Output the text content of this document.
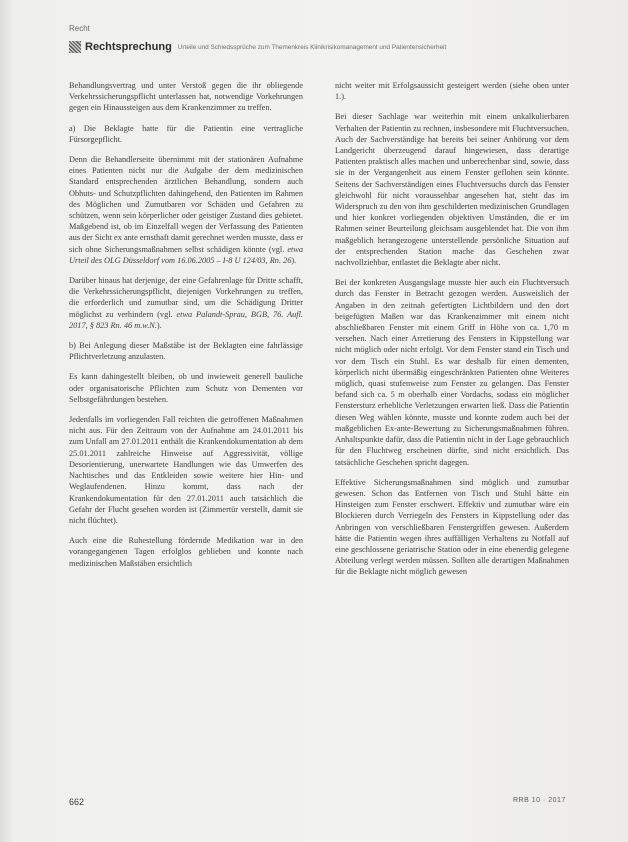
Recht
Rechtsprechung Urteile und Schiedssprüche zum Themenkreis Klinikrisikomanagement und Patientensicherheit

Behandlungsvertrag und unter Verstoß gegen die ihr obliegende Verkehrssicherungspflicht unterlassen hat, notwendige Vorkehrungen gegen ein Hinaussteigen aus dem Krankenzimmer zu treffen.

a) Die Beklagte hatte für die Patientin eine vertragliche Fürsorgepflicht.

Denn die Behandlerseite übernimmt mit der stationären Aufnahme eines Patienten nicht nur die Aufgabe der dem medizinischen Standard entsprechenden ärztlichen Behandlung, sondern auch Obhuts- und Schutzpflichten dahingehend, den Patienten im Rahmen des Möglichen und Zumutbaren vor Schäden und Gefahren zu schützen, wenn sein körperlicher oder geistiger Zustand dies gebietet. Maßgebend ist, ob im Einzelfall wegen der Verfassung des Patienten aus der Sicht ex ante ernsthaft damit gerechnet werden musste, dass er sich ohne Sicherungsmaßnahmen selbst schädigen könnte (vgl. etwa Urteil des OLG Düsseldorf vom 16.06.2005 – I-8 U 124/03, Rn. 26).

Darüber hinaus hat derjenige, der eine Gefahrenlage für Dritte schafft, die Verkehrssicherungspflicht, diejenigen Vorkehrungen zu treffen, die erforderlich und zumutbar sind, um die Schädigung Dritter möglichst zu verhindern (vgl. etwa Palandt-Sprau, BGB, 76. Aufl. 2017, § 823 Rn. 46 m.w.N.).

b) Bei Anlegung dieser Maßstäbe ist der Beklagten eine fahrlässige Pflichtverletzung anzulasten.

Es kann dahingestellt bleiben, ob und inwieweit generell bauliche oder organisatorische Pflichten zum Schutz von Dementen vor Selbstgefährdungen bestehen.

Jedenfalls im vorliegenden Fall reichten die getroffenen Maßnahmen nicht aus. Für den Zeitraum von der Aufnahme am 24.01.2011 bis zum Unfall am 27.01.2011 enthält die Krankendokumentation ab dem 25.01.2011 zahlreiche Hinweise auf Aggressivität, völlige Desorientierung, unerwartete Handlungen wie das Umwerfen des Nachtisches und das Entkleiden sowie weitere hier Hin- und Weglaufendenen. Hinzu kommt, dass nach der Krankendokumentation für den 27.01.2011 auch tatsächlich die Gefahr der Flucht gesehen worden ist (Zimmertür verstellt, damit sie nicht flüchtet).

Auch eine die Ruhestellung fördernde Medikation war in den vorangegangenen Tagen erfolglos geblieben und konnte nach medizinischen Maßstäben ersichtlich

nicht weiter mit Erfolgsaussicht gesteigert werden (siehe oben unter 1.).

Bei dieser Sachlage war weiterhin mit einem unkalkulierbaren Verhalten der Patientin zu rechnen, insbesondere mit Fluchtversuchen. Auch der Sachverständige hat bereits bei seiner Anhörung vor dem Landgericht überzeugend darauf hingewiesen, dass derartige Patienten praktisch alles machen und unberechenbar sind, sowie, dass sie in der Vergangenheit aus einem Fenster geflohen sein könnte. Seitens der Sachverständigen eines Fluchtversuchs durch das Fenster gleichwohl für nicht voraussehbar angesehen hat, steht das im Widerspruch zu den von ihm geschilderten medizinischen Grundlagen und hier konkret vorliegenden objektiven Umständen, die er im Rahmen seiner Beurteilung gleichsam ausgeblendet hat. Die von ihm maßgeblich herangezogene unterstellende persönliche Situation auf der entsprechenden Station mache das Geschehen zwar nachvollziehbar, entlastet die Beklagte aber nicht.

Bei der konkreten Ausgangslage musste hier auch ein Fluchtversuch durch das Fenster in Betracht gezogen werden. Ausweislich der Angaben in den zeitnah gefertigten Lichtbildern und den dort beigefügten Maßen war das Krankenzimmer mit einem nicht abschließbaren Fenster mit einem Griff in Höhe von ca. 1,70 m versehen. Nach einer Arretierung des Fensters in Kippstellung war nicht möglich oder nicht erfolgt. Vor dem Fenster stand ein Tisch und vor dem Tisch ein Stuhl. Es war deshalb für einen dementen, körperlich nicht übermäßig eingeschränkten Patienten ohne Weiteres möglich, quasi stufenweise zum Fenster zu gelangen. Das Fenster befand sich ca. 5 m oberhalb einer Vordachs, sodass ein möglicher Fenstersturz erhebliche Verletzungen erwarten ließ. Dass die Patientin diesen Weg wählen könnte, musste und konnte zudem auch bei der maßgeblichen Ex-ante-Bewertung zu Sicherungsmaßnahmen führen. Anhaltspunkte dafür, dass die Patientin nicht in der Lage gebrauchlich für den Fluchtweg erscheinen dürfte, sind nicht ersichtlich. Das tatsächliche Geschehen spricht dagegen.

Effektive Sicherungsmaßnahmen sind möglich und zumutbar gewesen. Schon das Entfernen von Tisch und Stuhl hätte ein Hinsteigen zum Fenster erschwert. Effektiv und zumutbar wäre ein Blockieren durch Verriegeln des Fensters in Kippstellung oder das Anbringen von verschließbaren Fenstergriffen gewesen. Außerdem hätte die Patientin wegen ihres auffälligen Verhaltens zu Notfall auf eine geschlossene geriatrische Station oder in eine ebenerdig gelegene Abteilung verlegt werden müssen. Sollten alle derartigen Maßnahmen für die Beklagte nicht möglich gewesen

662	RRB 10 · 2017
